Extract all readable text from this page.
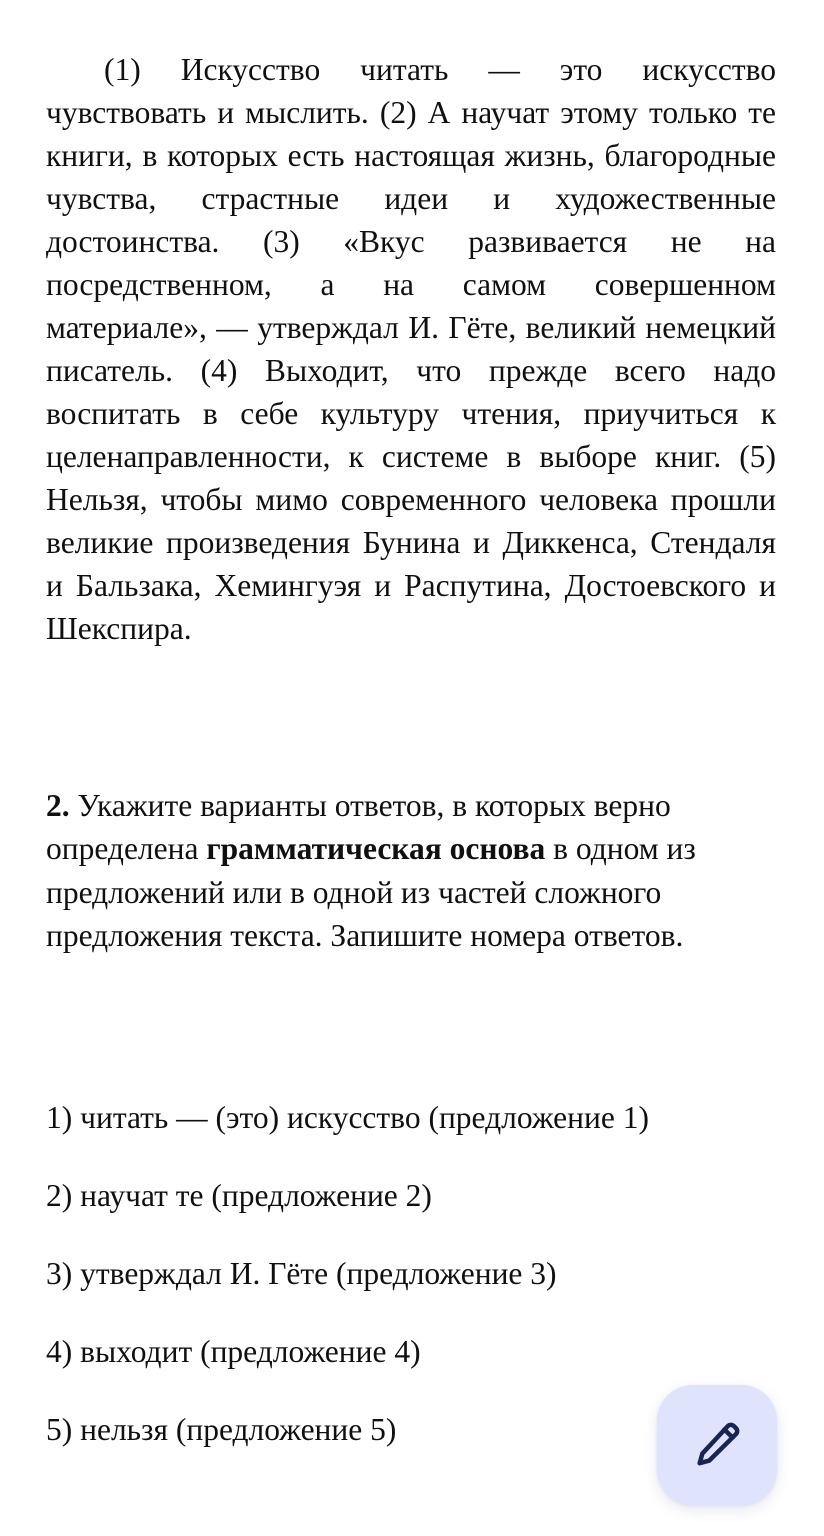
(1) Искусство читать — это искусство чувствовать и мыслить. (2) А научат этому только те книги, в которых есть настоящая жизнь, благородные чувства, страстные идеи и художественные достоинства. (3) «Вкус развивается не на посредственном, а на самом совершенном материале», — утверждал И. Гёте, великий немецкий писатель. (4) Выходит, что прежде всего надо воспитать в себе культуру чтения, приучиться к целенаправленности, к системе в выборе книг. (5) Нельзя, чтобы мимо современного человека прошли великие произведения Бунина и Диккенса, Стендаля и Бальзака, Хемингуэя и Распутина, Достоевского и Шекспира.

2. Укажите варианты ответов, в которых верно определена грамматическая основа в одном из предложений или в одной из частей сложного предложения текста. Запишите номера ответов.

1) читать — (это) искусство (предложение 1)
2) научат те (предложение 2)
3) утверждал И. Гёте (предложение 3)
4) выходит (предложение 4)
5) нельзя (предложение 5)
